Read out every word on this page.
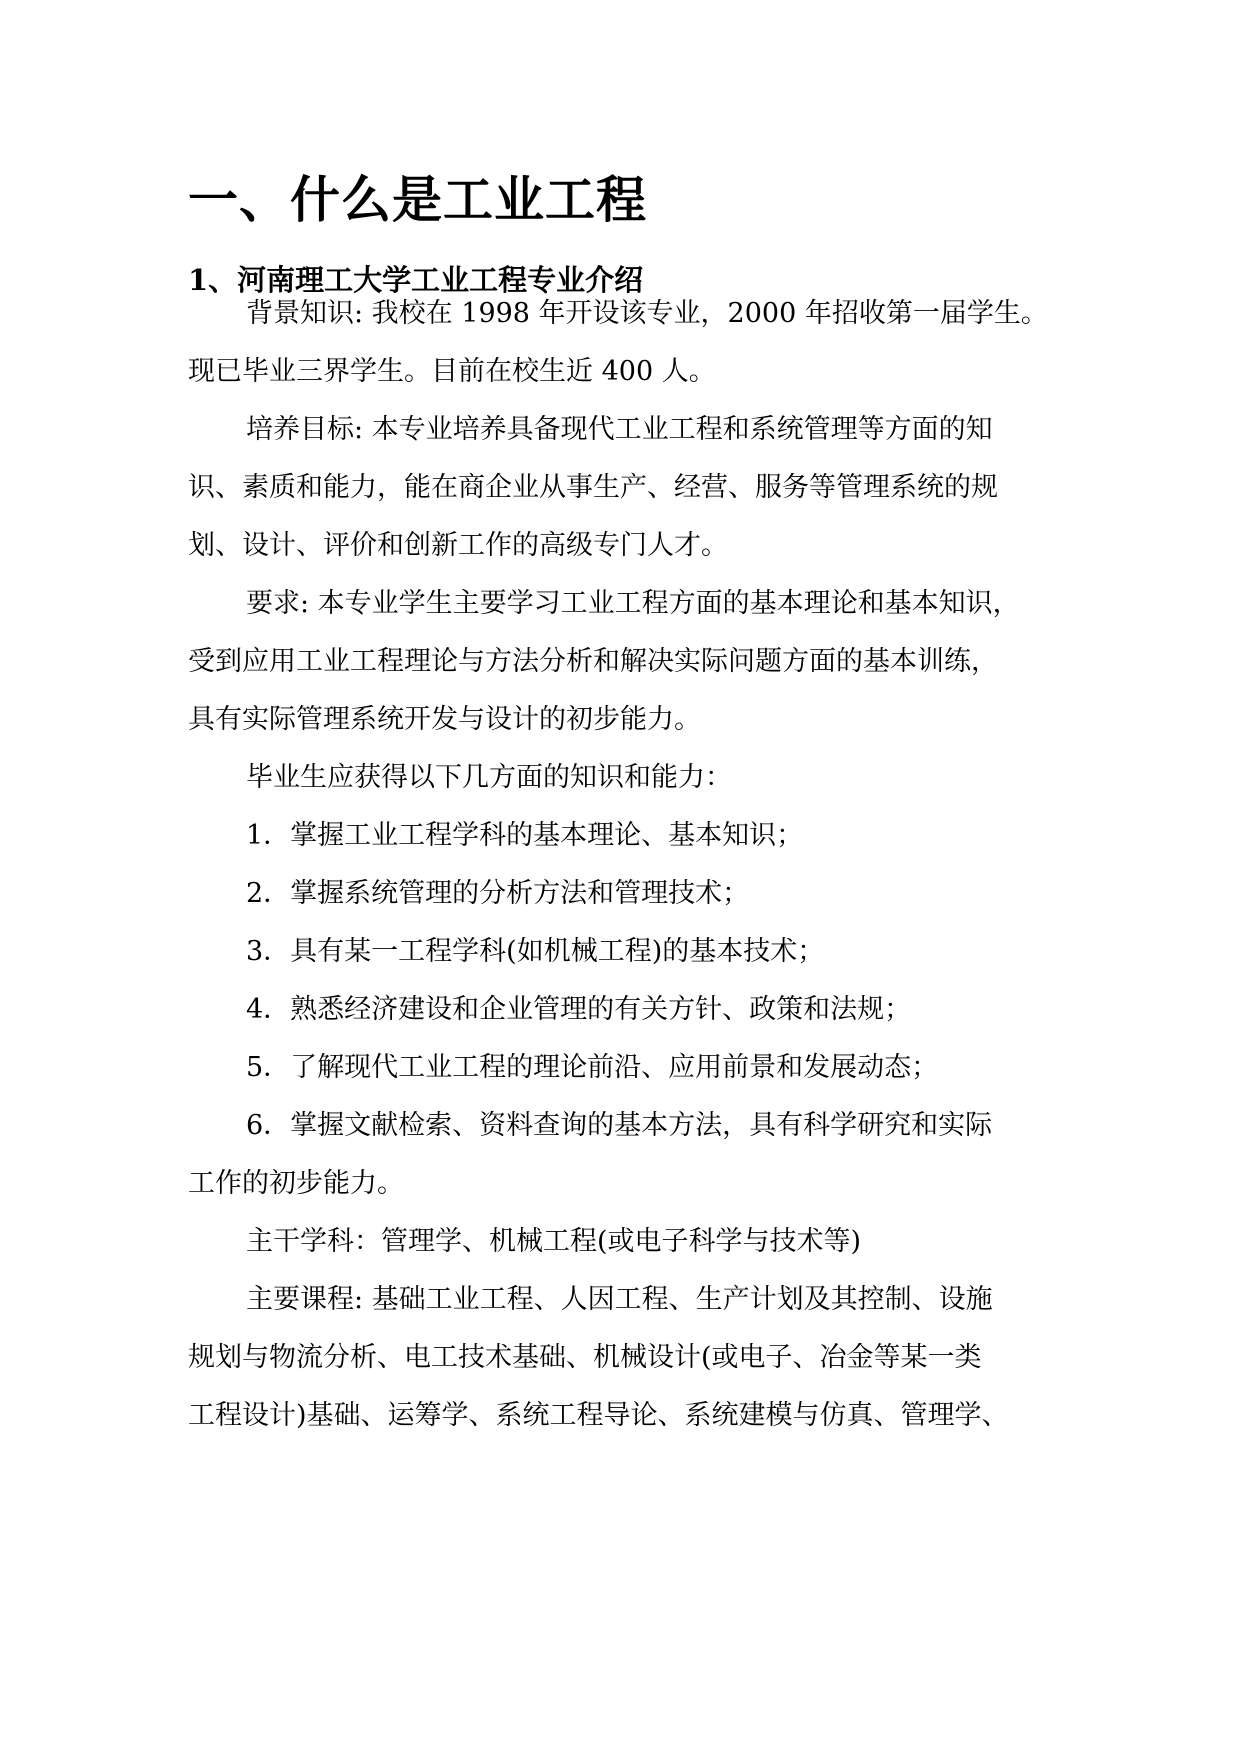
一、什么是工业工程
1、河南理工大学工业工程专业介绍
背景知识: 我校在 1998 年开设该专业，2000 年招收第一届学生。
现已毕业三界学生。目前在校生近 400 人。
培养目标: 本专业培养具备现代工业工程和系统管理等方面的知
识、素质和能力，能在商企业从事生产、经营、服务等管理系统的规
划、设计、评价和创新工作的高级专门人才。
要求: 本专业学生主要学习工业工程方面的基本理论和基本知识，
受到应用工业工程理论与方法分析和解决实际问题方面的基本训练，
具有实际管理系统开发与设计的初步能力。
毕业生应获得以下几方面的知识和能力：
1．掌握工业工程学科的基本理论、基本知识；
2．掌握系统管理的分析方法和管理技术；
3．具有某一工程学科(如机械工程)的基本技术；
4．熟悉经济建设和企业管理的有关方针、政策和法规；
5．了解现代工业工程的理论前沿、应用前景和发展动态；
6．掌握文献检索、资料查询的基本方法，具有科学研究和实际
工作的初步能力。
主干学科：管理学、机械工程(或电子科学与技术等)
主要课程: 基础工业工程、人因工程、生产计划及其控制、设施
规划与物流分析、电工技术基础、机械设计(或电子、冶金等某一类
工程设计)基础、运筹学、系统工程导论、系统建模与仿真、管理学、
